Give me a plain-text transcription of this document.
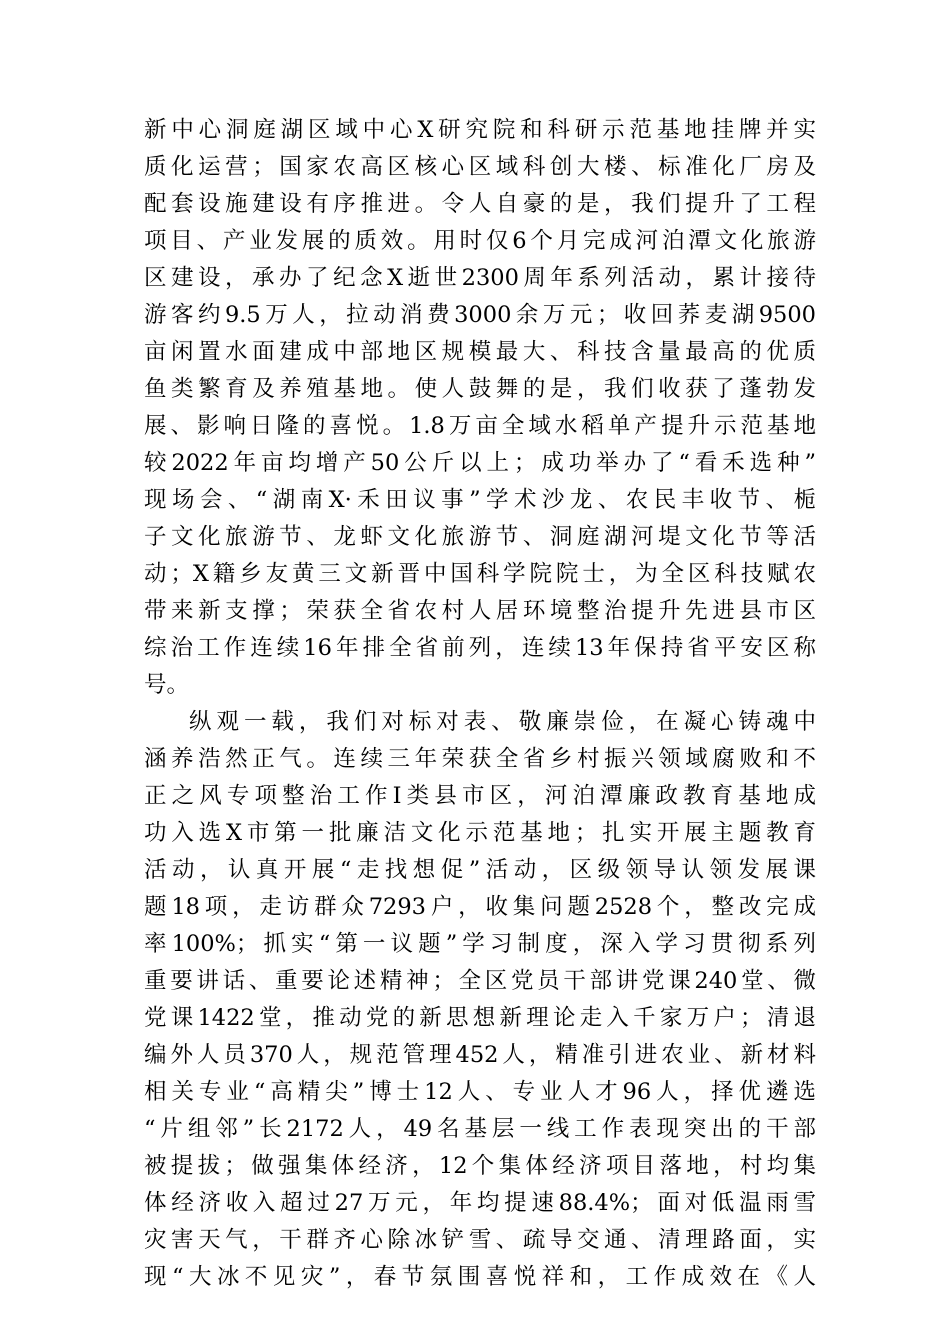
新中心洞庭湖区域中心X研究院和科研示范基地挂牌并实
质化运营；国家农高区核心区域科创大楼、标准化厂房及
配套设施建设有序推进。令人自豪的是，我们提升了工程
项目、产业发展的质效。用时仅6个月完成河泊潭文化旅游
区建设，承办了纪念X逝世2300周年系列活动，累计接待
游客约9.5万人，拉动消费3000余万元；收回荞麦湖9500
亩闲置水面建成中部地区规模最大、科技含量最高的优质
鱼类繁育及养殖基地。使人鼓舞的是，我们收获了蓬勃发
展、影响日隆的喜悦。1.8万亩全域水稻单产提升示范基地
较2022年亩均增产50公斤以上；成功举办了“看禾选种”
现场会、“湖南X·禾田议事”学术沙龙、农民丰收节、栀
子文化旅游节、龙虾文化旅游节、洞庭湖河堤文化节等活
动；X籍乡友黄三文新晋中国科学院院士，为全区科技赋农
带来新支撑；荣获全省农村人居环境整治提升先进县市区
综治工作连续16年排全省前列，连续13年保持省平安区称
号。
纵观一载，我们对标对表、敬廉崇俭，在凝心铸魂中
涵养浩然正气。连续三年荣获全省乡村振兴领域腐败和不
正之风专项整治工作Ⅰ类县市区，河泊潭廉政教育基地成
功入选X市第一批廉洁文化示范基地；扎实开展主题教育
活动，认真开展“走找想促”活动，区级领导认领发展课
题18项，走访群众7293户，收集问题2528个，整改完成
率100%；抓实“第一议题”学习制度，深入学习贯彻系列
重要讲话、重要论述精神；全区党员干部讲党课240堂、微
党课1422堂，推动党的新思想新理论走入千家万户；清退
编外人员370人，规范管理452人，精准引进农业、新材料
相关专业“高精尖”博士12人、专业人才96人，择优遴选
“片组邻”长2172人，49名基层一线工作表现突出的干部
被提拔；做强集体经济，12个集体经济项目落地，村均集
体经济收入超过27万元，年均提速88.4%；面对低温雨雪
灾害天气，干群齐心除冰铲雪、疏导交通、清理路面，实
现“大冰不见灾”，春节氛围喜悦祥和，工作成效在《人
